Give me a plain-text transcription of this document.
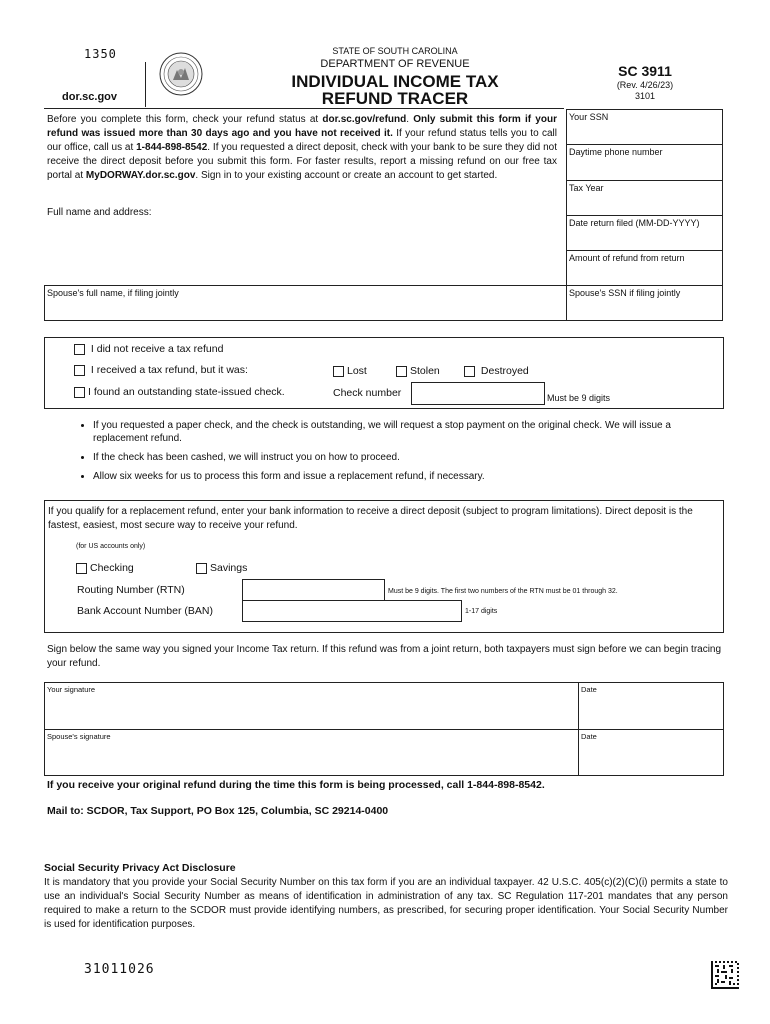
1350
dor.sc.gov
STATE OF SOUTH CAROLINA
DEPARTMENT OF REVENUE
INDIVIDUAL INCOME TAX
REFUND TRACER
SC 3911
(Rev. 4/26/23)
3101
Before you complete this form, check your refund status at dor.sc.gov/refund. Only submit this form if your refund was issued more than 30 days ago and you have not received it. If your refund status tells you to call our office, call us at 1-844-898-8542. If you requested a direct deposit, check with your bank to be sure they did not receive the direct deposit before you submit this form. For faster results, report a missing refund on our free tax portal at MyDORWAY.dor.sc.gov. Sign in to your existing account or create an account to get started.
Full name and address:
Spouse's full name, if filing jointly
Your SSN
Daytime phone number
Tax Year
Date return filed (MM-DD-YYYY)
Amount of refund from return
Spouse's SSN if filing jointly
I did not receive a tax refund
I received a tax refund, but it was:	Lost	Stolen	Destroyed
I found an outstanding state-issued check.	Check number	Must be 9 digits
• If you requested a paper check, and the check is outstanding, we will request a stop payment on the original check. We will issue a replacement refund.
• If the check has been cashed, we will instruct you on how to proceed.
• Allow six weeks for us to process this form and issue a replacement refund, if necessary.
If you qualify for a replacement refund, enter your bank information to receive a direct deposit (subject to program limitations). Direct deposit is the fastest, easiest, most secure way to receive your refund.
(for US accounts only)
Checking	Savings
Routing Number (RTN)	Must be 9 digits. The first two numbers of the RTN must be 01 through 32.
Bank Account Number (BAN)	1-17 digits
Sign below the same way you signed your Income Tax return. If this refund was from a joint return, both taxpayers must sign before we can begin tracing your refund.
Your signature	Date
Spouse's signature	Date
If you receive your original refund during the time this form is being processed, call 1-844-898-8542.
Mail to: SCDOR, Tax Support, PO Box 125, Columbia, SC 29214-0400
Social Security Privacy Act Disclosure
It is mandatory that you provide your Social Security Number on this tax form if you are an individual taxpayer. 42 U.S.C. 405(c)(2)(C)(i) permits a state to use an individual's Social Security Number as means of identification in administration of any tax. SC Regulation 117-201 mandates that any person required to make a return to the SCDOR must provide identifying numbers, as prescribed, for securing proper identification. Your Social Security Number is used for identification purposes.
31011026
